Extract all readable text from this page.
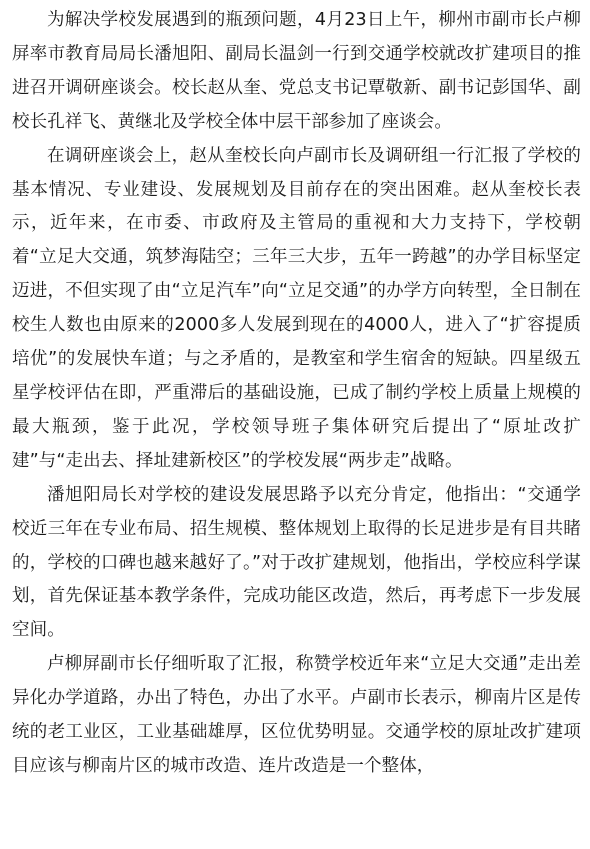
为解决学校发展遇到的瓶颈问题，4月23日上午，柳州市副市长卢柳屏率市教育局局长潘旭阳、副局长温剑一行到交通学校就改扩建项目的推进召开调研座谈会。校长赵从奎、党总支书记覃敬新、副书记彭国华、副校长孔祥飞、黄继北及学校全体中层干部参加了座谈会。

在调研座谈会上，赵从奎校长向卢副市长及调研组一行汇报了学校的基本情况、专业建设、发展规划及目前存在的突出困难。赵从奎校长表示，近年来，在市委、市政府及主管局的重视和大力支持下，学校朝着“立足大交通，筑梦海陆空；三年三大步，五年一跨越”的办学目标坚定迈进，不但实现了由“立足汽车”向“立足交通”的办学方向转型，全日制在校生人数也由原来的2000多人发展到现在的4000人，进入了“扩容提质培优”的发展快车道；与之矛盾的，是教室和学生宿舍的短缺。四星级五星学校评估在即，严重滞后的基础设施，已成了制约学校上质量上规模的最大瓶颈，鉴于此况，学校领导班子集体研究后提出了“原址改扩建”与“走出去、择址建新校区”的学校发展“两步走”战略。

潘旭阳局长对学校的建设发展思路予以充分肯定，他指出：“交通学校近三年在专业布局、招生规模、整体规划上取得的长足进步是有目共睹的，学校的口碑也越来越好了。”对于改扩建规划，他指出，学校应科学谋划，首先保证基本教学条件，完成功能区改造，然后，再考虑下一步发展空间。

卢柳屏副市长仔细听取了汇报，称赞学校近年来“立足大交通”走出差异化办学道路，办出了特色，办出了水平。卢副市长表示，柳南片区是传统的老工业区，工业基础雄厚，区位优势明显。交通学校的原址改扩建项目应该与柳南片区的城市改造、连片改造是一个整体，
